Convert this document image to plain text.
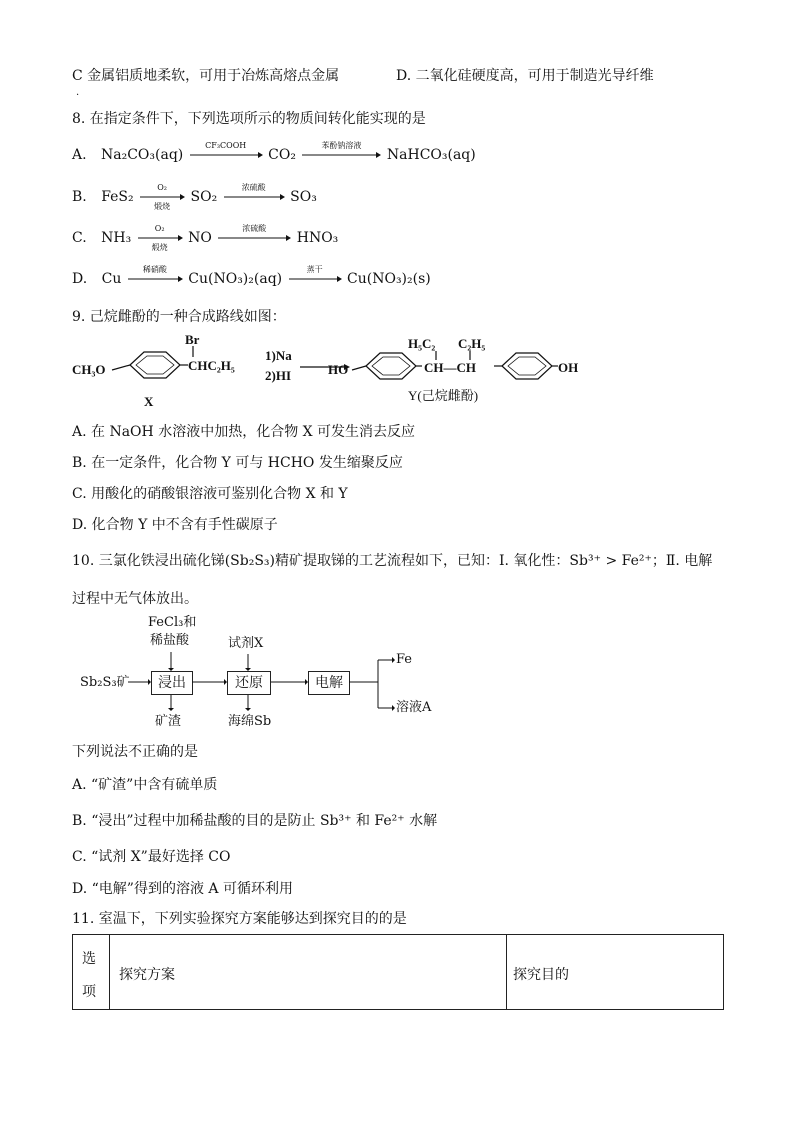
C 金属铝质地柔软，可用于冶炼高熔点金属	D. 二氧化硅硬度高，可用于制造光导纤维
.
8. 在指定条件下，下列选项所示的物质间转化能实现的是
A. Na₂CO₃(aq)
CF₃COOH
CO₂
苯酚钠溶液
NaHCO₃(aq)
B. FeS₂
O₂
煅烧
SO₂
浓硫酸
SO₃
C. NH₃
O₂
煅烧
NO
浓硫酸
HNO₃
D. Cu
稀硝酸
Cu(NO₃)₂(aq)
蒸干
Cu(NO₃)₂(s)
9. 己烷雌酚的一种合成路线如图：
CH₃O	CHC₂H₅
Br
X
1)Na
2)HI	HO	CH—CH
H₅C₂ C₂H₅
OH
Y(己烷雌酚)
A. 在 NaOH 水溶液中加热，化合物 X 可发生消去反应
B. 在一定条件，化合物 Y 可与 HCHO 发生缩聚反应
C. 用酸化的硝酸银溶液可鉴别化合物 X 和 Y
D. 化合物 Y 中不含有手性碳原子
10. 三氯化铁浸出硫化锑(Sb₂S₃)精矿提取锑的工艺流程如下，已知：I. 氧化性：Sb³⁺ > Fe²⁺；Ⅱ. 电解
过程中无气体放出。
FeCl₃和
稀盐酸	试剂X
Sb₂S₃矿	浸出	还原	电解
Fe
溶液A
矿渣	海绵Sb
下列说法不正确的是
A. “矿渣”中含有硫单质
B. “浸出”过程中加稀盐酸的目的是防止 Sb³⁺ 和 Fe²⁺ 水解
C. “试剂 X”最好选择 CO
D. “电解”得到的溶液 A 可循环利用
11. 室温下，下列实验探究方案能够达到探究目的的是
选
项
探究方案	探究目的
